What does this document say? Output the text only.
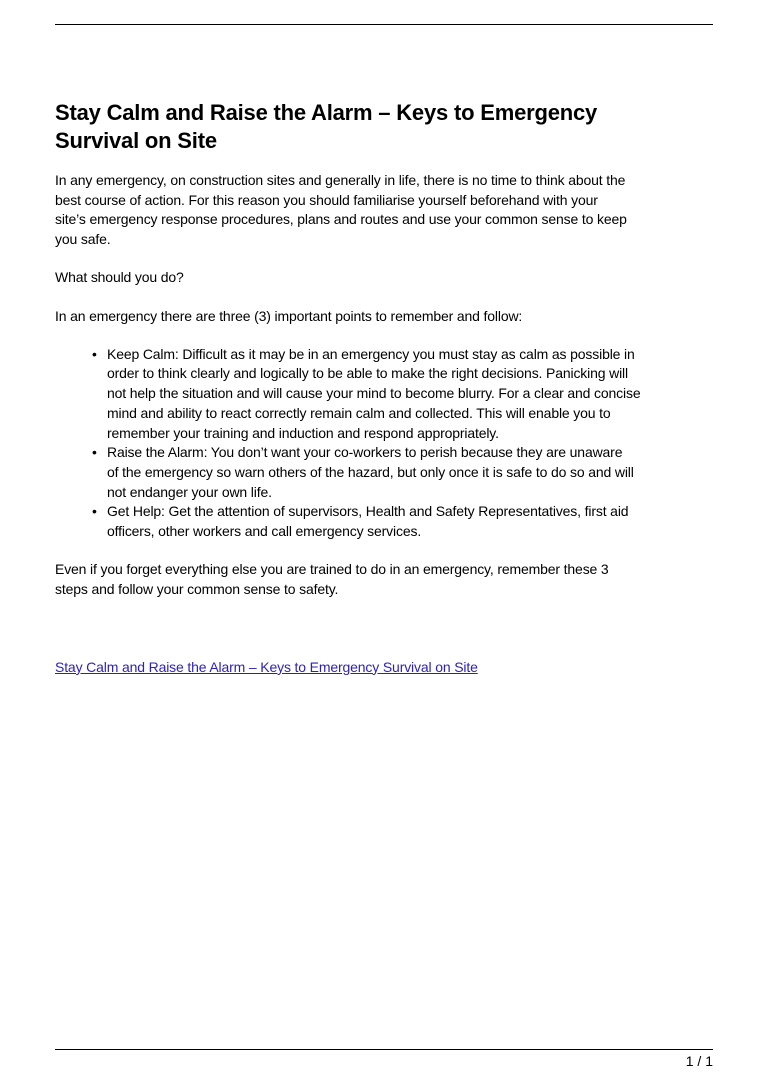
Stay Calm and Raise the Alarm – Keys to Emergency
Survival on Site

In any emergency, on construction sites and generally in life, there is no time to think about the
best course of action. For this reason you should familiarise yourself beforehand with your
site’s emergency response procedures, plans and routes and use your common sense to keep
you safe.

What should you do?

In an emergency there are three (3) important points to remember and follow:

• Keep Calm: Difficult as it may be in an emergency you must stay as calm as possible in
order to think clearly and logically to be able to make the right decisions. Panicking will
not help the situation and will cause your mind to become blurry. For a clear and concise
mind and ability to react correctly remain calm and collected. This will enable you to
remember your training and induction and respond appropriately.
• Raise the Alarm: You don’t want your co-workers to perish because they are unaware
of the emergency so warn others of the hazard, but only once it is safe to do so and will
not endanger your own life.
• Get Help: Get the attention of supervisors, Health and Safety Representatives, first aid
officers, other workers and call emergency services.

Even if you forget everything else you are trained to do in an emergency, remember these 3
steps and follow your common sense to safety.

Stay Calm and Raise the Alarm – Keys to Emergency Survival on Site
1 / 1
